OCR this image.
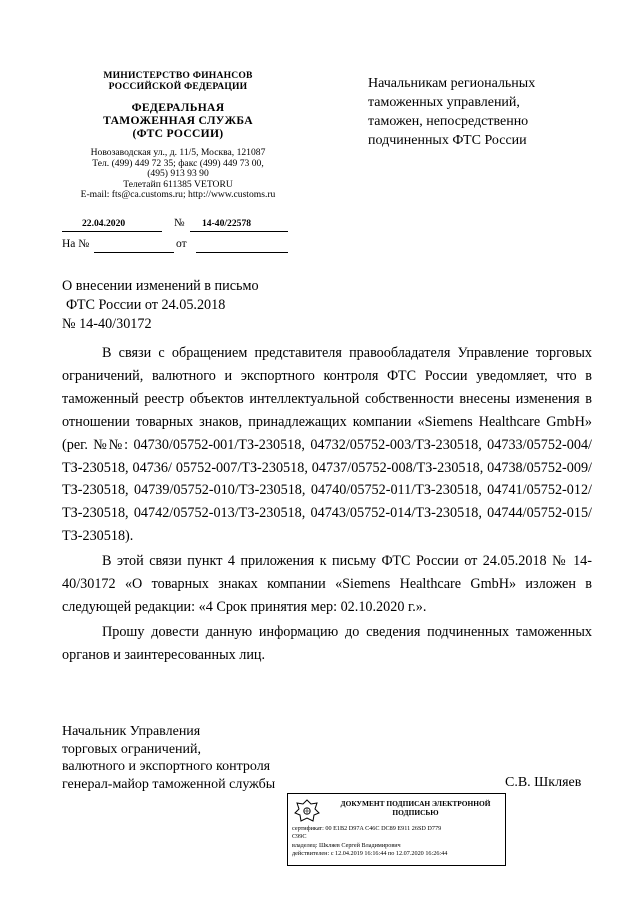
МИНИСТЕРСТВО ФИНАНСОВ
РОССИЙСКОЙ ФЕДЕРАЦИИ
ФЕДЕРАЛЬНАЯ
ТАМОЖЕННАЯ СЛУЖБА
(ФТС РОССИИ)
Новозаводская ул., д. 11/5, Москва, 121087
Тел. (499) 449 72 35; факс (499) 449 73 00,
(495) 913 93 90
Телетайп 611385 VETORU
E-mail: fts@ca.customs.ru; http://www.customs.ru
22.04.2020	№ 14-40/22578
На №	от
Начальникам региональных
таможенных управлений,
таможен, непосредственно
подчиненных ФТС России
О внесении изменений в письмо
ФТС России от 24.05.2018
№ 14-40/30172

В связи с обращением представителя правообладателя Управление торговых ограничений, валютного и экспортного контроля ФТС России уведомляет, что в таможенный реестр объектов интеллектуальной собственности внесены изменения в отношении товарных знаков, принадлежащих компании «Siemens Healthcare GmbH» (рег. №№: 04730/05752-001/ТЗ-230518, 04732/05752-003/ТЗ-230518, 04733/05752-004/ТЗ-230518, 04736/ 05752-007/ТЗ-230518, 04737/05752-008/ТЗ-230518, 04738/05752-009/ТЗ-230518, 04739/05752-010/ТЗ-230518, 04740/05752-011/ТЗ-230518, 04741/05752-012/ ТЗ-230518, 04742/05752-013/ТЗ-230518, 04743/05752-014/ТЗ-230518, 04744/05752-015/ТЗ-230518).

В этой связи пункт 4 приложения к письму ФТС России от 24.05.2018 № 14-40/30172 «О товарных знаках компании «Siemens Healthcare GmbH» изложен в следующей редакции: «4 Срок принятия мер: 02.10.2020 г.».

Прошу довести данную информацию до сведения подчиненных таможенных органов и заинтересованных лиц.

Начальник Управления
торговых ограничений,
валютного и экспортного контроля
генерал-майор таможенной службы	С.В. Шкляев
ДОКУМЕНТ ПОДПИСАН ЭЛЕКТРОННОЙ
ПОДПИСЬЮ
сертификат: 00 E1B2 D97A C46C DC89 E911 26SD D779
C99C
владелец: Шкляев Сергей Владимирович
действителен: с 12.04.2019 16:16:44 по 12.07.2020 16:26:44
